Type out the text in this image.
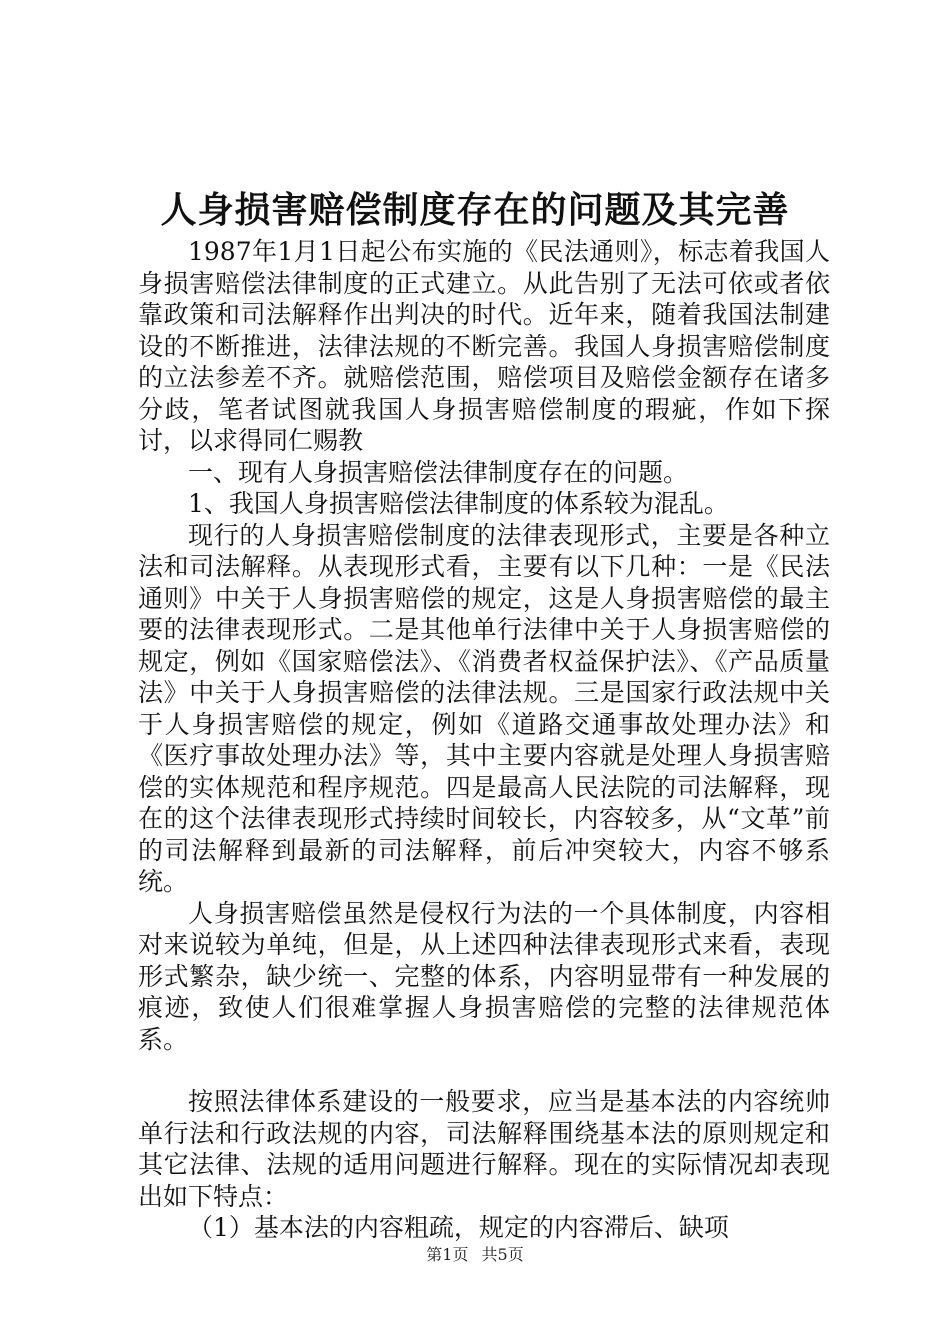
人身损害赔偿制度存在的问题及其完善

1987年1月1日起公布实施的《民法通则》，标志着我国人身损害赔偿法律制度的正式建立。从此告别了无法可依或者依靠政策和司法解释作出判决的时代。近年来，随着我国法制建设的不断推进，法律法规的不断完善。我国人身损害赔偿制度的立法参差不齐。就赔偿范围，赔偿项目及赔偿金额存在诸多分歧，笔者试图就我国人身损害赔偿制度的瑕疵，作如下探讨，以求得同仁赐教

一、现有人身损害赔偿法律制度存在的问题。

1、我国人身损害赔偿法律制度的体系较为混乱。

现行的人身损害赔偿制度的法律表现形式，主要是各种立法和司法解释。从表现形式看，主要有以下几种：一是《民法通则》中关于人身损害赔偿的规定，这是人身损害赔偿的最主要的法律表现形式。二是其他单行法律中关于人身损害赔偿的规定，例如《国家赔偿法》、《消费者权益保护法》、《产品质量法》中关于人身损害赔偿的法律法规。三是国家行政法规中关于人身损害赔偿的规定，例如《道路交通事故处理办法》和《医疗事故处理办法》等，其中主要内容就是处理人身损害赔偿的实体规范和程序规范。四是最高人民法院的司法解释，现在的这个法律表现形式持续时间较长，内容较多，从“文革”前的司法解释到最新的司法解释，前后冲突较大，内容不够系统。

人身损害赔偿虽然是侵权行为法的一个具体制度，内容相对来说较为单纯，但是，从上述四种法律表现形式来看，表现形式繁杂，缺少统一、完整的体系，内容明显带有一种发展的痕迹，致使人们很难掌握人身损害赔偿的完整的法律规范体系。

按照法律体系建设的一般要求，应当是基本法的内容统帅单行法和行政法规的内容，司法解释围绕基本法的原则规定和其它法律、法规的适用问题进行解释。现在的实际情况却表现出如下特点：

（1）基本法的内容粗疏，规定的内容滞后、缺项

第1页 共5页
